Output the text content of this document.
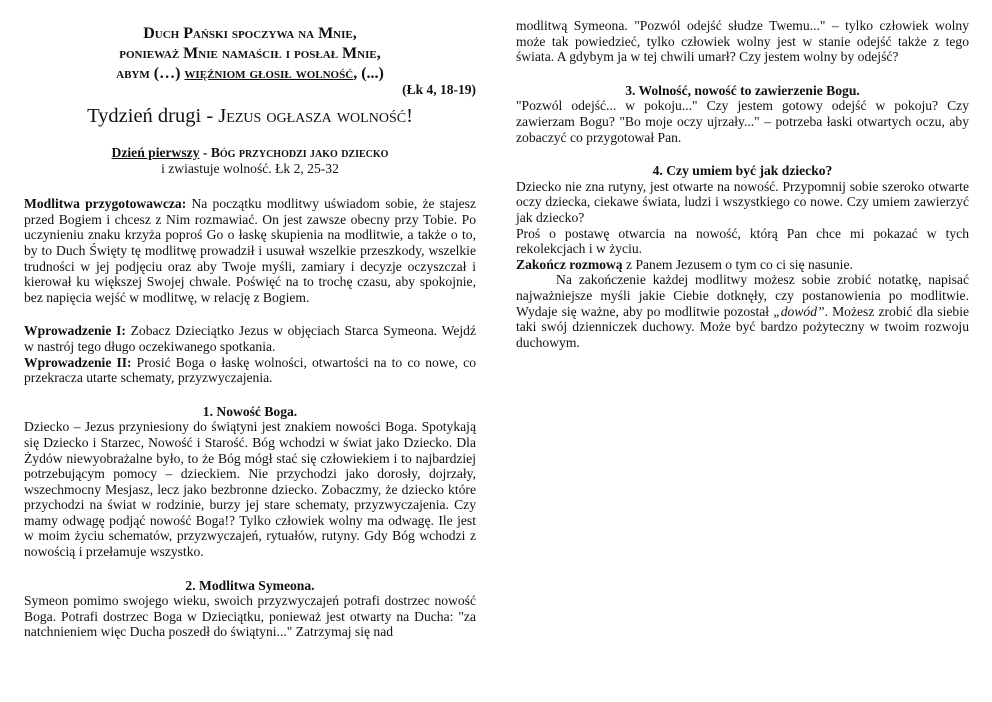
Duch Pański spoczywa na Mnie,

ponieważ Mnie namaścił i posłał Mnie,

abym (…) więźniom głosił wolność, (...)

(Łk 4, 18-19)

Tydzień drugi - Jezus ogłasza wolność!

Dzień pierwszy - Bóg przychodzi jako dziecko

i zwiastuje wolność. Łk 2, 25-32

Modlitwa przygotowawcza: Na początku modlitwy uświadom sobie, że stajesz przed Bogiem i chcesz z Nim rozmawiać. On jest zawsze obecny przy Tobie. Po uczynieniu znaku krzyża poproś Go o łaskę skupienia na modlitwie, a także o to, by to Duch Święty tę modlitwę prowadził i usuwał wszelkie przeszkody, wszelkie trudności w jej podjęciu oraz aby Twoje myśli, zamiary i decyzje oczyszczał i kierował ku większej Swojej chwale. Poświęć na to trochę czasu, aby spokojnie, bez napięcia wejść w modlitwę, w relację z Bogiem.

Wprowadzenie I: Zobacz Dzieciątko Jezus w objęciach Starca Symeona. Wejdź w nastrój tego długo oczekiwanego spotkania.

Wprowadzenie II: Prosić Boga o łaskę wolności, otwartości na to co nowe, co przekracza utarte schematy, przyzwyczajenia.

1. Nowość Boga.

Dziecko – Jezus przyniesiony do świątyni jest znakiem nowości Boga. Spotykają się Dziecko i Starzec, Nowość i Starość. Bóg wchodzi w świat jako Dziecko. Dla Żydów niewyobrażalne było, to że Bóg mógł stać się człowiekiem i to najbardziej potrzebującym pomocy – dzieckiem. Nie przychodzi jako dorosły, dojrzały, wszechmocny Mesjasz, lecz jako bezbronne dziecko. Zobaczmy, że dziecko które przychodzi na świat w rodzinie, burzy jej stare schematy, przyzwyczajenia. Czy mamy odwagę podjąć nowość Boga!? Tylko człowiek wolny ma odwagę. Ile jest w moim życiu schematów, przyzwyczajeń, rytuałów, rutyny. Gdy Bóg wchodzi z nowością i przełamuje wszystko.

2. Modlitwa Symeona.

Symeon pomimo swojego wieku, swoich przyzwyczajeń potrafi dostrzec nowość Boga. Potrafi dostrzec Boga w Dzieciątku, ponieważ jest otwarty na Ducha: "za natchnieniem więc Ducha poszedł do świątyni..." Zatrzymaj się nad

modlitwą Symeona. "Pozwól odejść słudze Twemu..." – tylko człowiek wolny może tak powiedzieć, tylko człowiek wolny jest w stanie odejść także z tego świata. A gdybym ja w tej chwili umarł? Czy jestem wolny by odejść?

3. Wolność, nowość to zawierzenie Bogu.

"Pozwól odejść... w pokoju..." Czy jestem gotowy odejść w pokoju? Czy zawierzam Bogu? "Bo moje oczy ujrzały..." – potrzeba łaski otwartych oczu, aby zobaczyć co przygotował Pan.

4. Czy umiem być jak dziecko?

Dziecko nie zna rutyny, jest otwarte na nowość. Przypomnij sobie szeroko otwarte oczy dziecka, ciekawe świata, ludzi i wszystkiego co nowe. Czy umiem zawierzyć jak dziecko?

Proś o postawę otwarcia na nowość, którą Pan chce mi pokazać w tych rekolekcjach i w życiu.

Zakończ rozmową z Panem Jezusem o tym co ci się nasunie.

Na zakończenie każdej modlitwy możesz sobie zrobić notatkę, napisać najważniejsze myśli jakie Ciebie dotknęły, czy postanowienia po modlitwie. Wydaje się ważne, aby po modlitwie pozostał „dowód”. Możesz zrobić dla siebie taki swój dzienniczek duchowy. Może być bardzo pożyteczny w twoim rozwoju duchowym.
